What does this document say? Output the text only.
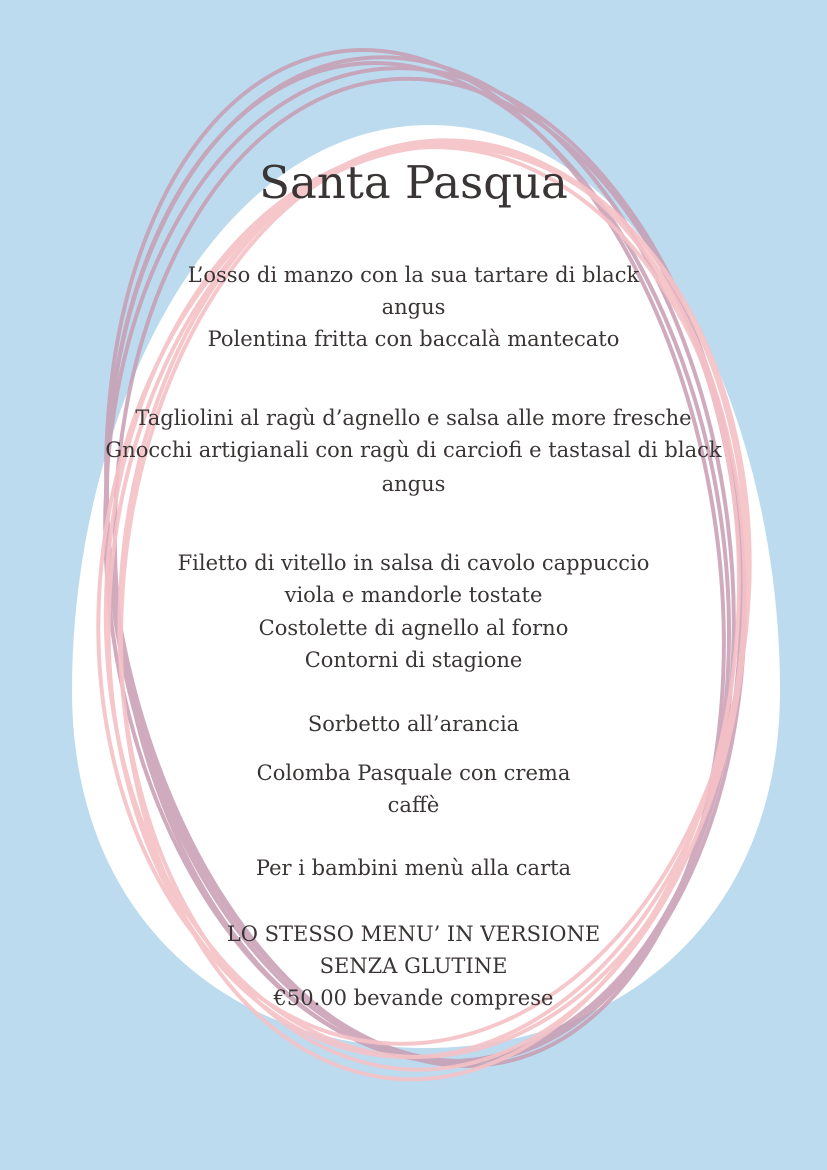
Santa Pasqua
L’osso di manzo con la sua tartare di black
angus
Polentina fritta con baccalà mantecato
Tagliolini al ragù d’agnello e salsa alle more fresche
Gnocchi artigianali con ragù di carciofi e tastasal di black
angus
Filetto di vitello in salsa di cavolo cappuccio
viola e mandorle tostate
Costolette di agnello al forno
Contorni di stagione
Sorbetto all’arancia
Colomba Pasquale con crema
caffè
Per i bambini menù alla carta
LO STESSO MENU’ IN VERSIONE
SENZA GLUTINE
€50.00 bevande comprese
